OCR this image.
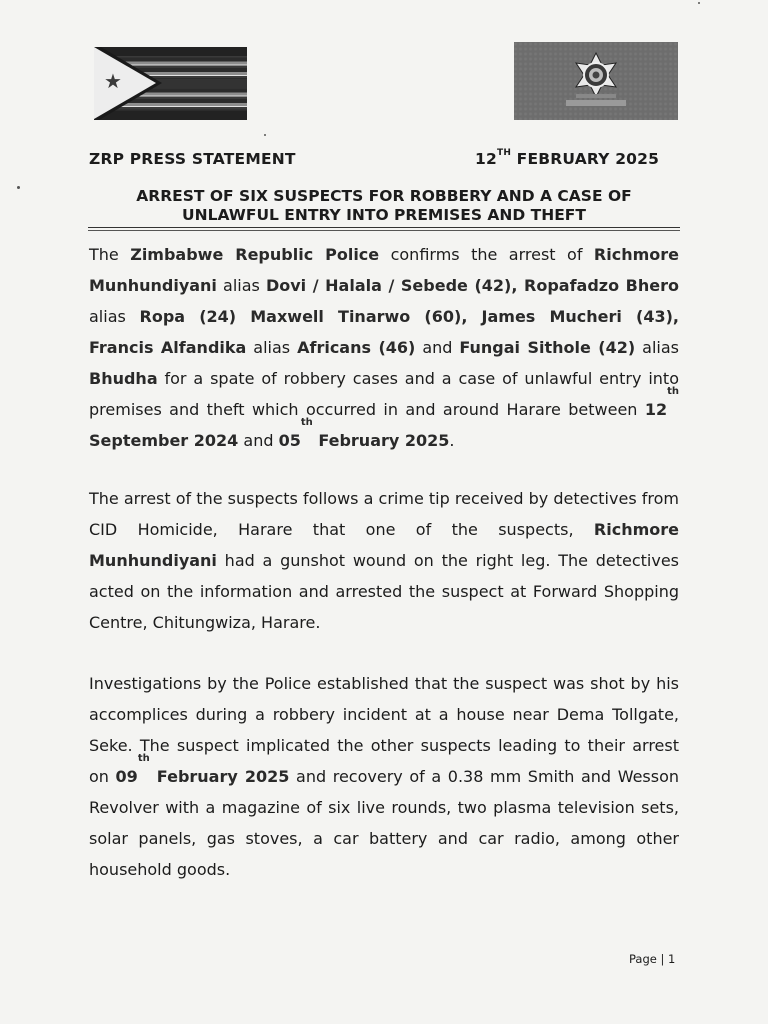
★
ZRP PRESS STATEMENT	12TH FEBRUARY 2025
ARREST OF SIX SUSPECTS FOR ROBBERY AND A CASE OF
UNLAWFUL ENTRY INTO PREMISES AND THEFT
The Zimbabwe Republic Police confirms the arrest of Richmore Munhundiyani alias Dovi / Halala / Sebede (42), Ropafadzo Bhero alias Ropa (24) Maxwell Tinarwo (60), James Mucheri (43), Francis Alfandika alias Africans (46) and Fungai Sithole (42) alias Bhudha for a spate of robbery cases and a case of unlawful entry into premises and theft which occurred in and around Harare between 12th September 2024 and 05th February 2025.
The arrest of the suspects follows a crime tip received by detectives from CID Homicide, Harare that one of the suspects, Richmore Munhundiyani had a gunshot wound on the right leg. The detectives acted on the information and arrested the suspect at Forward Shopping Centre, Chitungwiza, Harare.
Investigations by the Police established that the suspect was shot by his accomplices during a robbery incident at a house near Dema Tollgate, Seke. The suspect implicated the other suspects leading to their arrest on 09th February 2025 and recovery of a 0.38 mm Smith and Wesson Revolver with a magazine of six live rounds, two plasma television sets, solar panels, gas stoves, a car battery and car radio, among other household goods.
Page | 1
